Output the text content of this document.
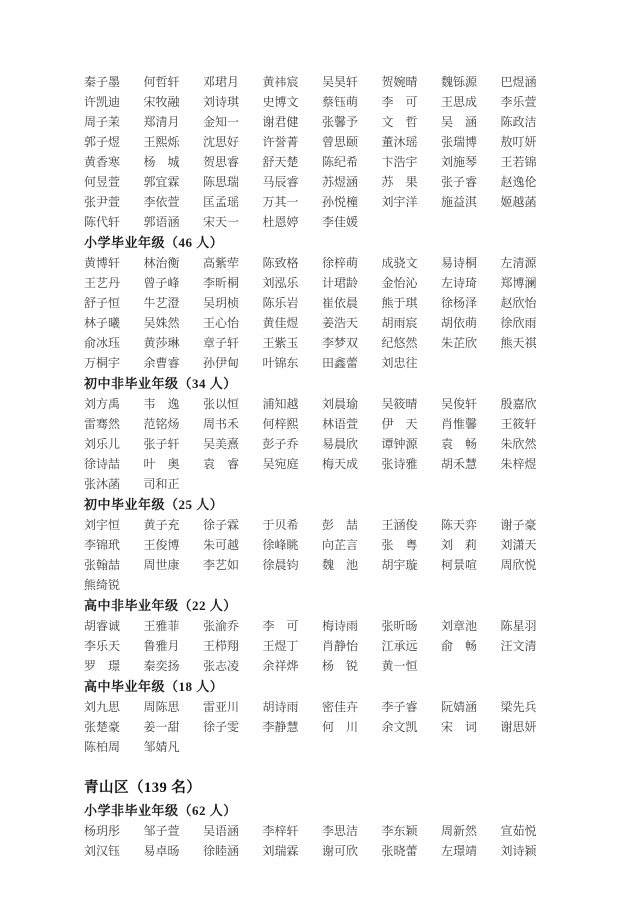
秦子墨	何哲轩	邓珺月	黄祎宸	吴昊轩	贺婉晴	魏铄源	巴煜涵
许凯迪	宋牧融	刘诗琪	史博文	蔡钰萌	李　可	王思成	李乐萱
周子茉	郑清月	金知一	谢君健	张馨予	文　哲	吴　涵	陈政洁
郭子煜	王熙烁	沈思好	许誉菁	曾思颐	董沐瑶	张瑞博	敖叮妍
黄香寒	杨　城	贺思睿	舒天楚	陈纪希	卞浩宇	刘施琴	王若锦
何昱萱	郭宜霖	陈思瑞	马辰睿	苏煜涵	苏　果	张子睿	赵逸伦
张尹萱	李依萱	匡孟瑶	万其一	孙悦橦	刘宇洋	施益淇	姬越菡
陈代轩	郭语涵	宋天一	杜恩婷	李佳媛
小学毕业年级（46 人）
黄博轩	林治衡	高紫荦	陈致格	徐梓萌	成骁文	易诗桐	左清源
王艺丹	曾子峰	李昕桐	刘泓乐	计珺龄	金怡沁	左诗琦	郑博澜
舒子恒	牛艺澄	吴玥桢	陈乐岩	崔依晨	熊于琪	徐杨泽	赵欣怡
林子曦	吴姝然	王心怡	黄佳煜	姜浩天	胡雨宸	胡依萌	徐欣雨
俞冰珏	黄莎琳	章子轩	王紫玉	李梦双	纪悠然	朱芷欣	熊天祺
万桐宇	余曹睿	孙伊甸	叶锦东	田鑫蕾	刘忠往
初中非毕业年级（34 人）
刘方禹	韦　逸	张以恒	浦知越	刘晨瑜	吴筱晴	吴俊轩	殷嘉欣
雷骞然	范铭炀	周书禾	何梓熙	林语萱	伊　天	肖惟馨	王筱轩
刘乐儿	张子轩	吴美熹	彭子乔	易晨欣	谭钟源	袁　畅	朱欣然
徐诗喆	叶　奥	袁　睿	吴宛庭	梅天成	张诗雅	胡禾慧	朱梓煜
张沐菡	司和正
初中毕业年级（25 人）
刘宇恒	黄子充	徐子霖	于贝希	彭　喆	王涵俊	陈天弈	谢子豪
李锦玳	王俊博	朱可越	徐峰眺	向芷言	张　粤	刘　莉	刘潇天
张翰喆	周世康	李艺如	徐晨钧	魏　池	胡宇璇	柯景喧	周欣悦
熊绮锐
高中非毕业年级（22 人）
胡睿诚	王雅菲	张渝乔	李　可	梅诗雨	张昕旸	刘章池	陈星羽
李乐天	鲁雅月	王栉翔	王煜丁	肖静怡	江承远	俞　畅	汪文清
罗　璟	秦奕扬	张志凌	余祥烨	杨　锐	黄一恒
高中毕业年级（18 人）
刘九思	周陈思	雷亚川	胡诗雨	密佳卉	李子睿	阮婧涵	梁先兵
张楚豪	姜一甜	徐子雯	李静慧	何　川	余文凯	宋　词	谢思妍
陈柏周	邹婧凡
青山区（139 名）
小学非毕业年级（62 人）
杨玥彤	邹子萱	吴语涵	李梓轩	李思洁	李东颖	周新然	宣茹悦
刘汉钰	易卓旸	徐睦涵	刘瑞霖	谢可欣	张晓蕾	左璟靖	刘诗颖
